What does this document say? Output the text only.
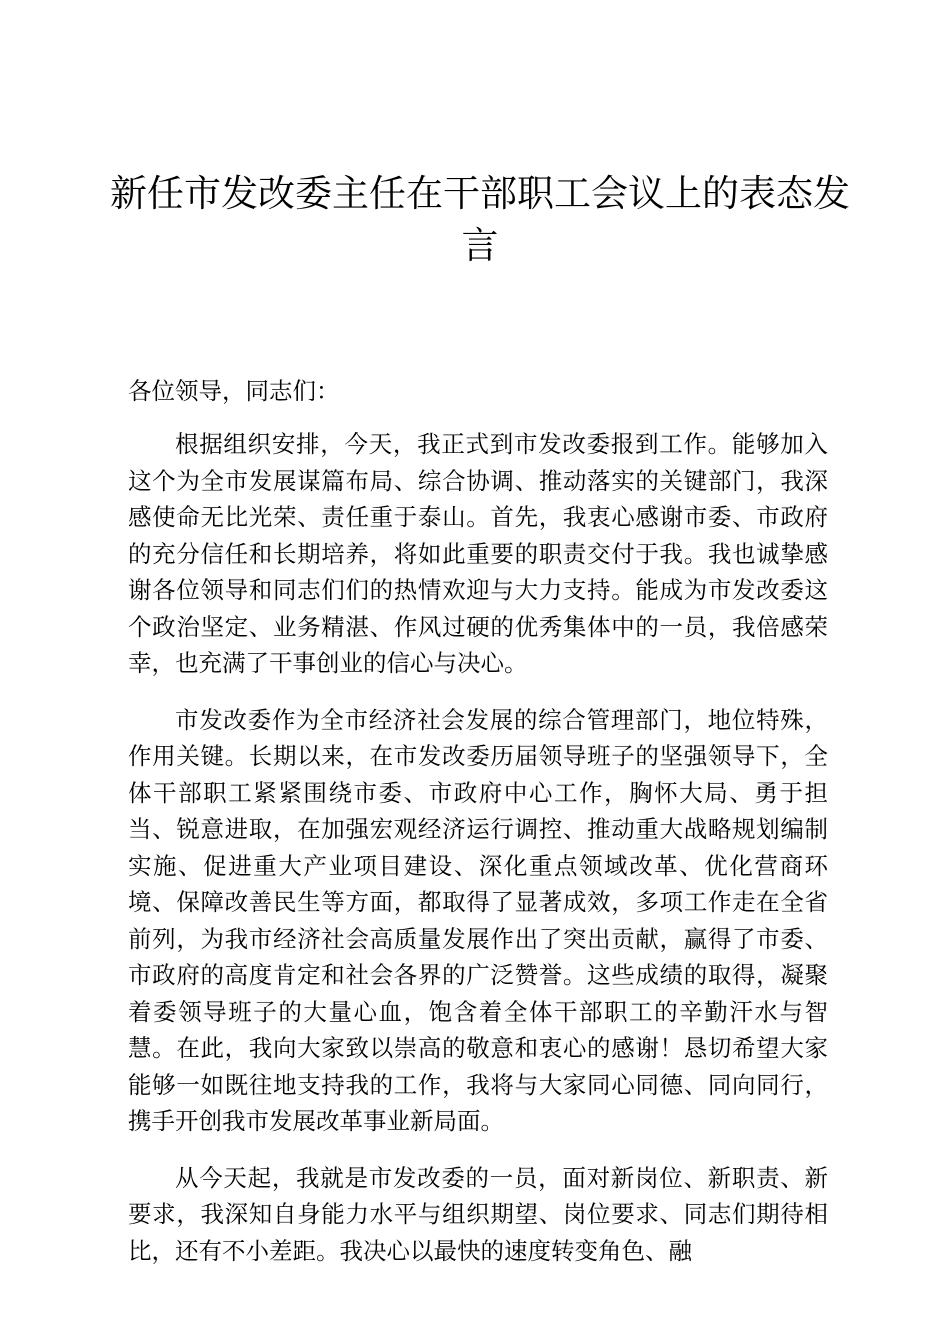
新任市发改委主任在干部职工会议上的表态发言

各位领导，同志们：

根据组织安排，今天，我正式到市发改委报到工作。能够加入这个为全市发展谋篇布局、综合协调、推动落实的关键部门，我深感使命无比光荣、责任重于泰山。首先，我衷心感谢市委、市政府的充分信任和长期培养，将如此重要的职责交付于我。我也诚挚感谢各位领导和同志们们的热情欢迎与大力支持。能成为市发改委这个政治坚定、业务精湛、作风过硬的优秀集体中的一员，我倍感荣幸，也充满了干事创业的信心与决心。

市发改委作为全市经济社会发展的综合管理部门，地位特殊，作用关键。长期以来，在市发改委历届领导班子的坚强领导下，全体干部职工紧紧围绕市委、市政府中心工作，胸怀大局、勇于担当、锐意进取，在加强宏观经济运行调控、推动重大战略规划编制实施、促进重大产业项目建设、深化重点领域改革、优化营商环境、保障改善民生等方面，都取得了显著成效，多项工作走在全省前列，为我市经济社会高质量发展作出了突出贡献，赢得了市委、市政府的高度肯定和社会各界的广泛赞誉。这些成绩的取得，凝聚着委领导班子的大量心血，饱含着全体干部职工的辛勤汗水与智慧。在此，我向大家致以崇高的敬意和衷心的感谢！恳切希望大家能够一如既往地支持我的工作，我将与大家同心同德、同向同行，携手开创我市发展改革事业新局面。

从今天起，我就是市发改委的一员，面对新岗位、新职责、新要求，我深知自身能力水平与组织期望、岗位要求、同志们期待相比，还有不小差距。我决心以最快的速度转变角色、融
